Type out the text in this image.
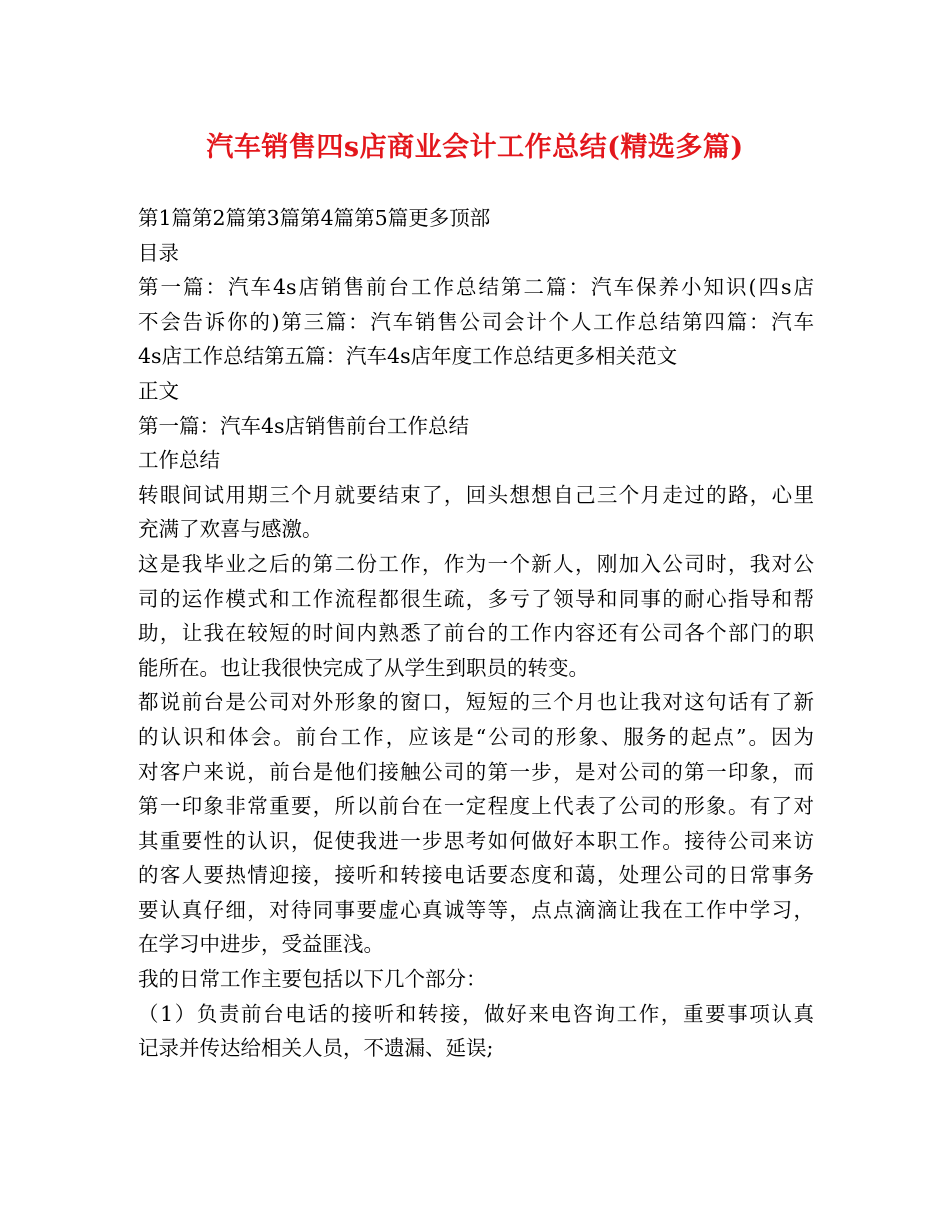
汽车销售四s店商业会计工作总结(精选多篇)
第1篇第2篇第3篇第4篇第5篇更多顶部
目录
第一篇：汽车4s店销售前台工作总结第二篇：汽车保养小知识(四s店
不会告诉你的)第三篇：汽车销售公司会计个人工作总结第四篇：汽车
4s店工作总结第五篇：汽车4s店年度工作总结更多相关范文
正文
第一篇：汽车4s店销售前台工作总结
工作总结
转眼间试用期三个月就要结束了，回头想想自己三个月走过的路，心里
充满了欢喜与感激。
这是我毕业之后的第二份工作，作为一个新人，刚加入公司时，我对公
司的运作模式和工作流程都很生疏，多亏了领导和同事的耐心指导和帮
助，让我在较短的时间内熟悉了前台的工作内容还有公司各个部门的职
能所在。也让我很快完成了从学生到职员的转变。
都说前台是公司对外形象的窗口，短短的三个月也让我对这句话有了新
的认识和体会。前台工作，应该是“公司的形象、服务的起点”。因为
对客户来说，前台是他们接触公司的第一步，是对公司的第一印象，而
第一印象非常重要，所以前台在一定程度上代表了公司的形象。有了对
其重要性的认识，促使我进一步思考如何做好本职工作。接待公司来访
的客人要热情迎接，接听和转接电话要态度和蔼，处理公司的日常事务
要认真仔细，对待同事要虚心真诚等等，点点滴滴让我在工作中学习，
在学习中进步，受益匪浅。
我的日常工作主要包括以下几个部分：
（1）负责前台电话的接听和转接，做好来电咨询工作，重要事项认真
记录并传达给相关人员，不遗漏、延误;
